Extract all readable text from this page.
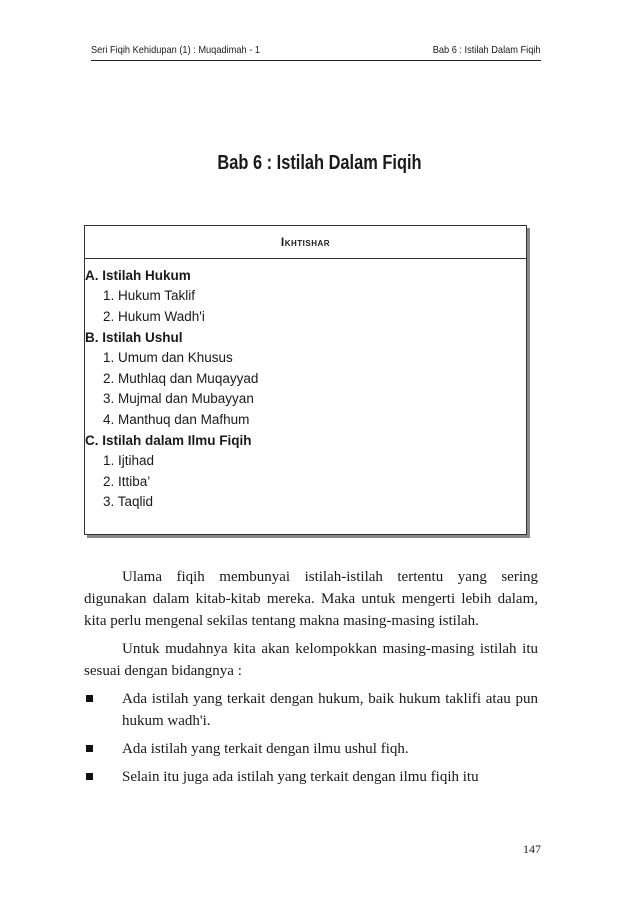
Seri Fiqih Kehidupan (1) : Muqadimah - 1	Bab 6 : Istilah Dalam Fiqih
Bab 6 : Istilah Dalam Fiqih
Ikhtishar
A. Istilah Hukum
1. Hukum Taklif
2. Hukum Wadh'i
B. Istilah Ushul
1. Umum dan Khusus
2. Muthlaq dan Muqayyad
3. Mujmal dan Mubayyan
4. Manthuq dan Mafhum
C. Istilah dalam Ilmu Fiqih
1. Ijtihad
2. Ittiba’
3. Taqlid

Ulama fiqih membunyai istilah-istilah tertentu yang sering digunakan dalam kitab-kitab mereka. Maka untuk mengerti lebih dalam, kita perlu mengenal sekilas tentang makna masing-masing istilah.

Untuk mudahnya kita akan kelompokkan masing-masing istilah itu sesuai dengan bidangnya :

Ada istilah yang terkait dengan hukum, baik hukum taklifi atau pun hukum wadh'i.
Ada istilah yang terkait dengan ilmu ushul fiqh.
Selain itu juga ada istilah yang terkait dengan ilmu fiqih itu
147
